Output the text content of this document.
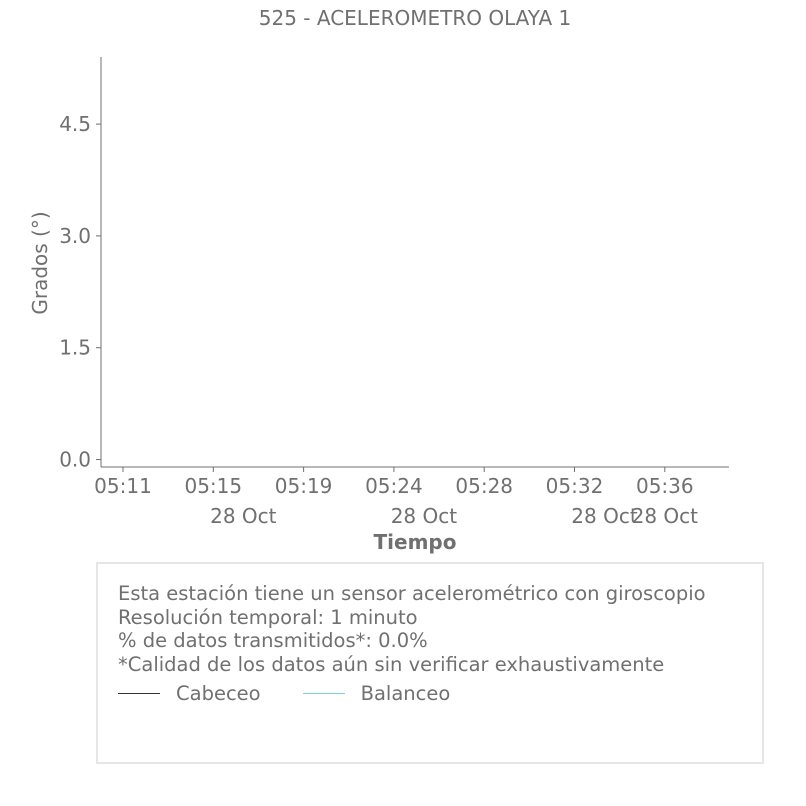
525 - ACELEROMETRO OLAYA 1
0.0
1.5
3.0
4.5
05:11 05:15
28 Oct
05:19 05:24
28 Oct
05:28 05:32
28 Oct
05:36
28 Oct
Grados (°)
Tiempo
Esta estación tiene un sensor acelerométrico con giroscopio
Resolución temporal: 1 minuto
% de datos transmitidos*: 0.0%
*Calidad de los datos aún sin verificar exhaustivamente
Cabeceo	Balanceo
